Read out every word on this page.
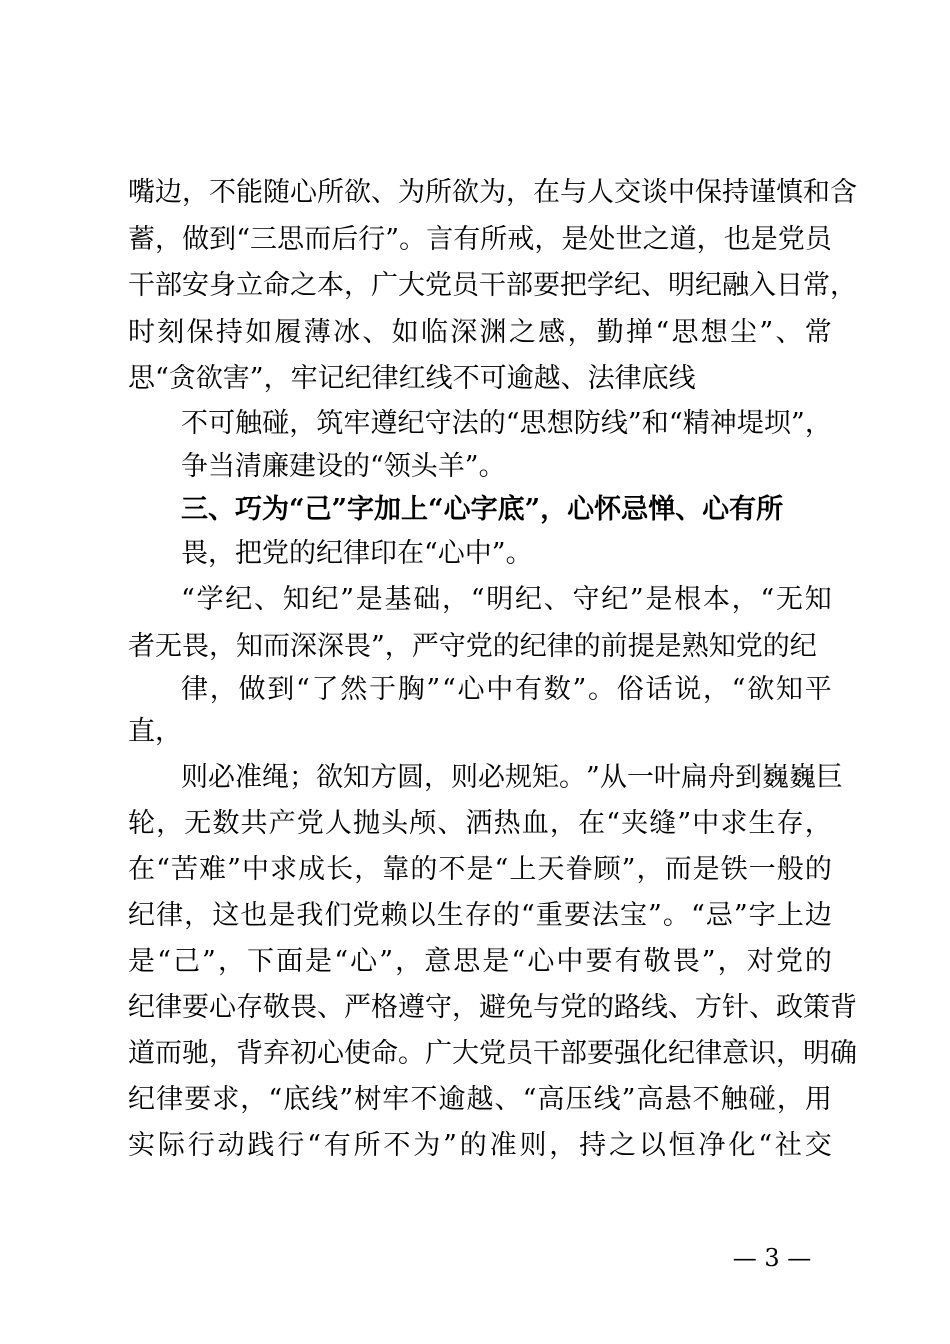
嘴 边 ， 不 能 随 心 所 欲 、 为 所 欲 为 ， 在 与 人 交 谈 中 保 持 谨 慎 和 含
蓄 ， 做 到 “ 三 思 而 后 行 ” 。 言 有 所 戒 ， 是 处 世 之 道 ， 也 是 党 员
干 部 安 身 立 命 之 本 ， 广 大 党 员 干 部 要 把 学 纪 、 明 纪 融 入 日 常 ，
时 刻 保 持 如 履 薄 冰 、 如 临 深 渊 之 感 ， 勤 掸 “ 思 想 尘 ” 、 常
思“贪欲害”，牢记纪律红线不可逾越、法律底线
不 可 触 碰 ， 筑 牢 遵 纪 守 法 的 “ 思 想 防 线 ” 和 “ 精 神 堤 坝 ” ，
争当清廉建设的“领头羊”。
三、巧为“己”字加上“心字底”，心怀忌惮、心有所
畏，把党的纪律印在“心中”。
“ 学 纪 、 知 纪 ” 是 基 础 ， “ 明 纪 、 守 纪 ” 是 根 本 ， “ 无 知
者无畏，知而深深畏”，严守党的纪律的前提是熟知党的纪
律 ， 做 到 “ 了 然 于 胸 ” “ 心 中 有 数 ” 。 俗 话 说 ， “ 欲 知 平
直，
则 必 准 绳 ； 欲 知 方 圆 ， 则 必 规 矩 。 ” 从 一 叶 扁 舟 到 巍 巍 巨
轮 ， 无 数 共 产 党 人 抛 头 颅 、 洒 热 血 ， 在 “ 夹 缝 ” 中 求 生 存 ，
在 “ 苦 难 ” 中 求 成 长 ， 靠 的 不 是 “ 上 天 眷 顾 ” ， 而 是 铁 一 般 的
纪 律 ， 这 也 是 我 们 党 赖 以 生 存 的 “ 重 要 法 宝 ” 。 “ 忌 ” 字 上 边
是 “ 己 ” ， 下 面 是 “ 心 ” ， 意 思 是 “ 心 中 要 有 敬 畏 ” ， 对 党 的
纪 律 要 心 存 敬 畏 、 严 格 遵 守 ， 避 免 与 党 的 路 线 、 方 针 、 政 策 背
道 而 驰 ， 背 弃 初 心 使 命 。 广 大 党 员 干 部 要 强 化 纪 律 意 识 ， 明 确
纪 律 要 求 ， “ 底 线 ” 树 牢 不 逾 越 、 “ 高 压 线 ” 高 悬 不 触 碰 ， 用
实 际 行 动 践 行 “ 有 所 不 为 ” 的 准 则 ， 持 之 以 恒 净 化 “ 社 交
— 3 —
